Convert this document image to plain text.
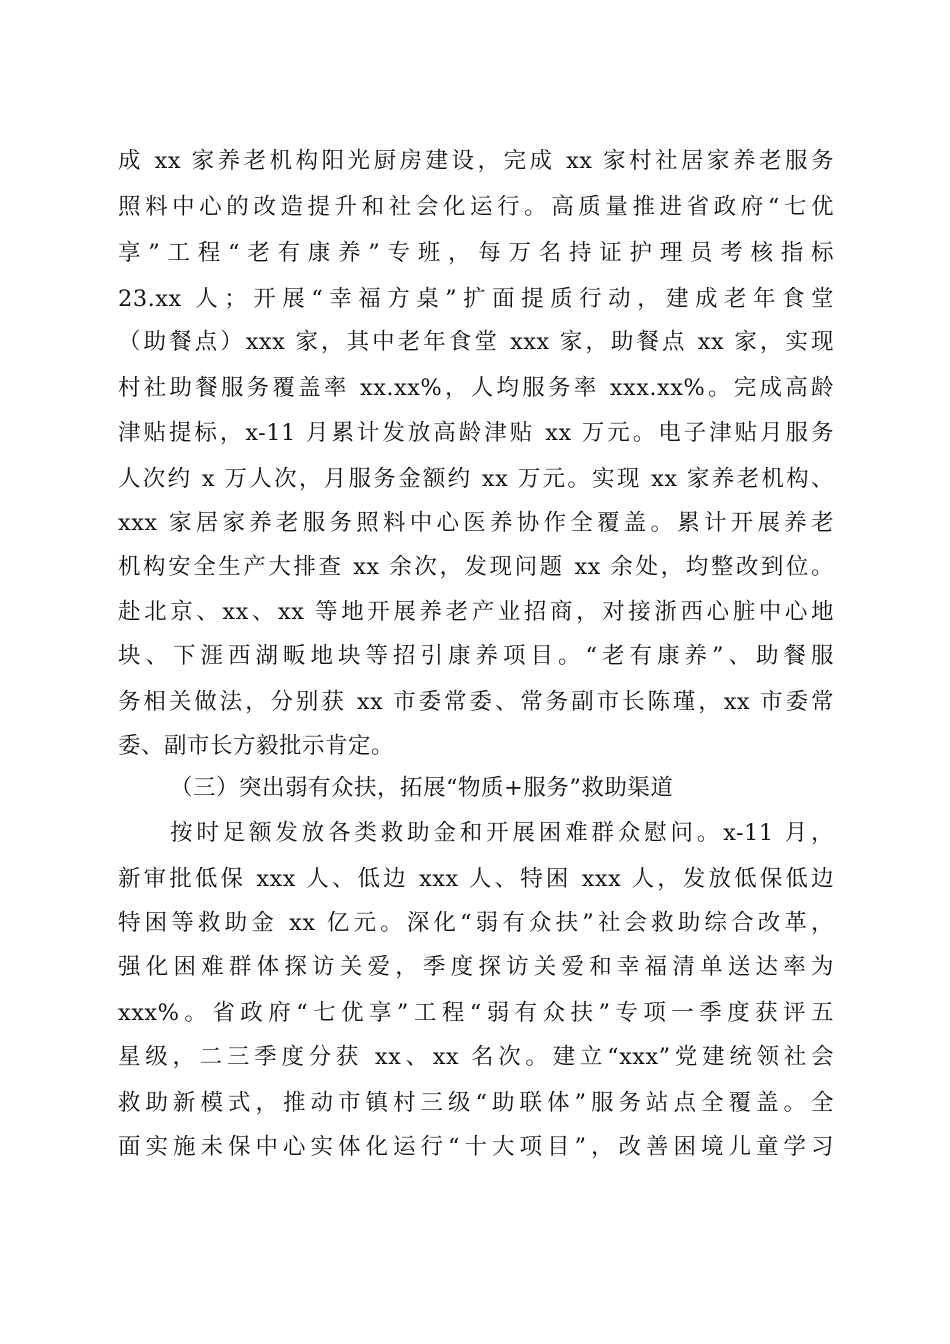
成 xx 家养老机构阳光厨房建设，完成 xx 家村社居家养老服务
照料中心的改造提升和社会化运行。高质量推进省政府“七优
享”工程“老有康养”专班，每万名持证护理员考核指标
23.xx 人；开展“幸福方桌”扩面提质行动，建成老年食堂
（助餐点）xxx 家，其中老年食堂 xxx 家，助餐点 xx 家，实现
村社助餐服务覆盖率 xx.xx%，人均服务率 xxx.xx%。完成高龄
津贴提标，x-11 月累计发放高龄津贴 xx 万元。电子津贴月服务
人次约 x 万人次，月服务金额约 xx 万元。实现 xx 家养老机构、
xxx 家居家养老服务照料中心医养协作全覆盖。累计开展养老
机构安全生产大排查 xx 余次，发现问题 xx 余处，均整改到位。
赴北京、xx、xx 等地开展养老产业招商，对接浙西心脏中心地
块、下涯西湖畈地块等招引康养项目。“老有康养”、助餐服
务相关做法，分别获 xx 市委常委、常务副市长陈瑾，xx 市委常
委、副市长方毅批示肯定。
（三）突出弱有众扶，拓展“物质+服务”救助渠道
按时足额发放各类救助金和开展困难群众慰问。x-11 月，
新审批低保 xxx 人、低边 xxx 人、特困 xxx 人，发放低保低边
特困等救助金 xx 亿元。深化“弱有众扶”社会救助综合改革，
强化困难群体探访关爱，季度探访关爱和幸福清单送达率为
xxx%。省政府“七优享”工程“弱有众扶”专项一季度获评五
星级，二三季度分获 xx、xx 名次。建立“xxx”党建统领社会
救助新模式，推动市镇村三级“助联体”服务站点全覆盖。全
面实施未保中心实体化运行“十大项目”，改善困境儿童学习
